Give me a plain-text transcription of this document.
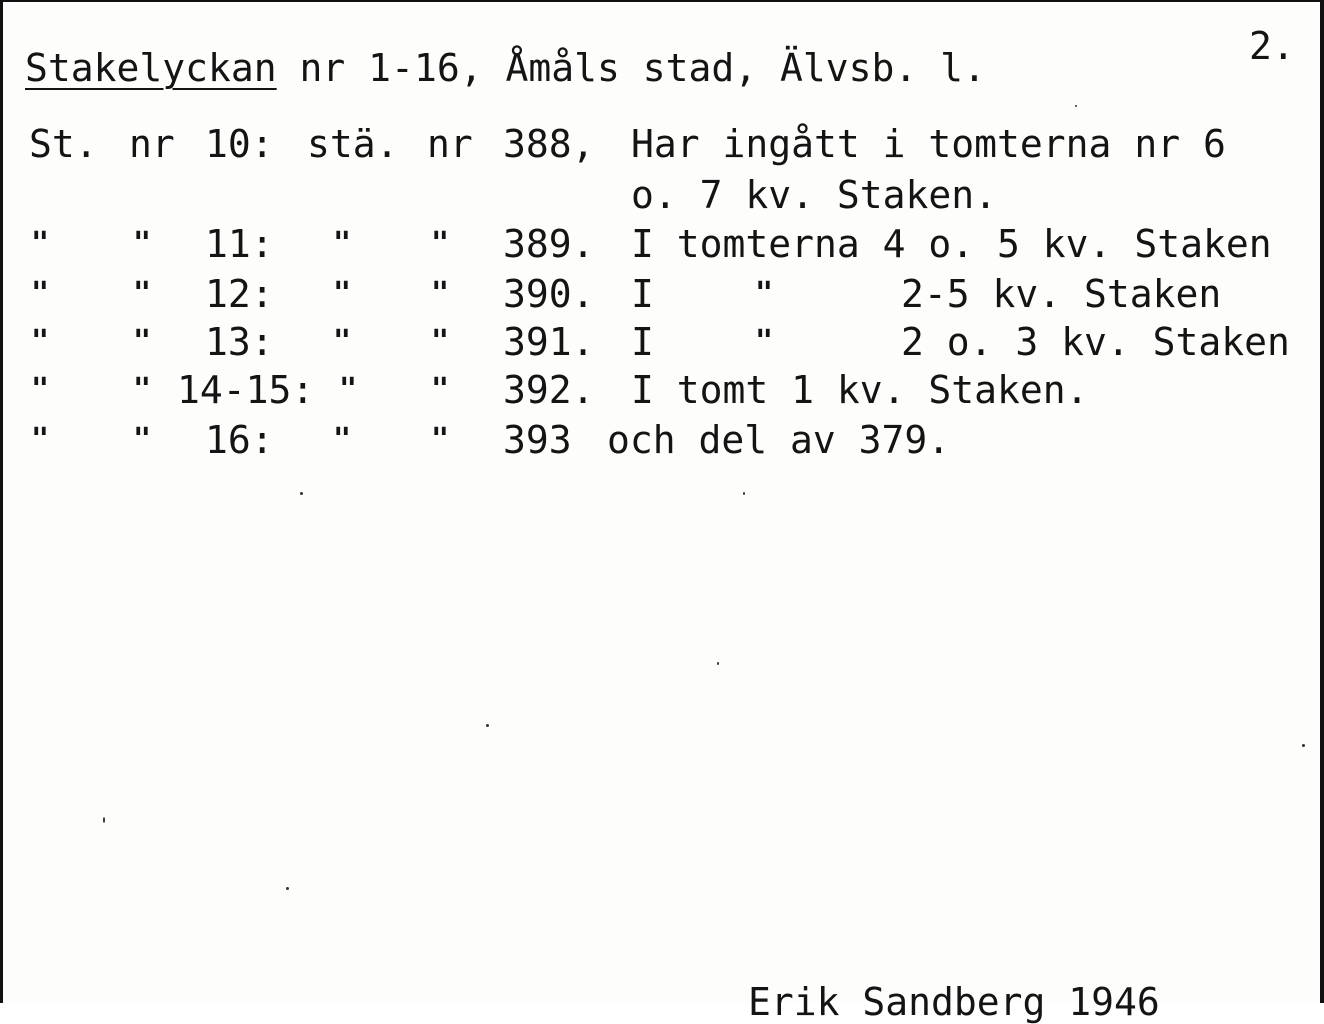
Stakelyckan nr 1-16, Åmåls stad, Älvsb. l.	2.
St. nr 10: stä. nr 388, Har ingått i tomterna nr 6
o. 7 kv. Staken.
"	" 11: "	" 389. I tomterna 4 o. 5 kv. Staken
"	" 12: "	" 390. I	"	2-5 kv. Staken
"	" 13: "	" 391. I	"	2 o. 3 kv. Staken
"	" 14-15: " " 392. I tomt 1 kv. Staken.
"	" 16: "	" 393 och del av 379.
Erik Sandberg 1946
